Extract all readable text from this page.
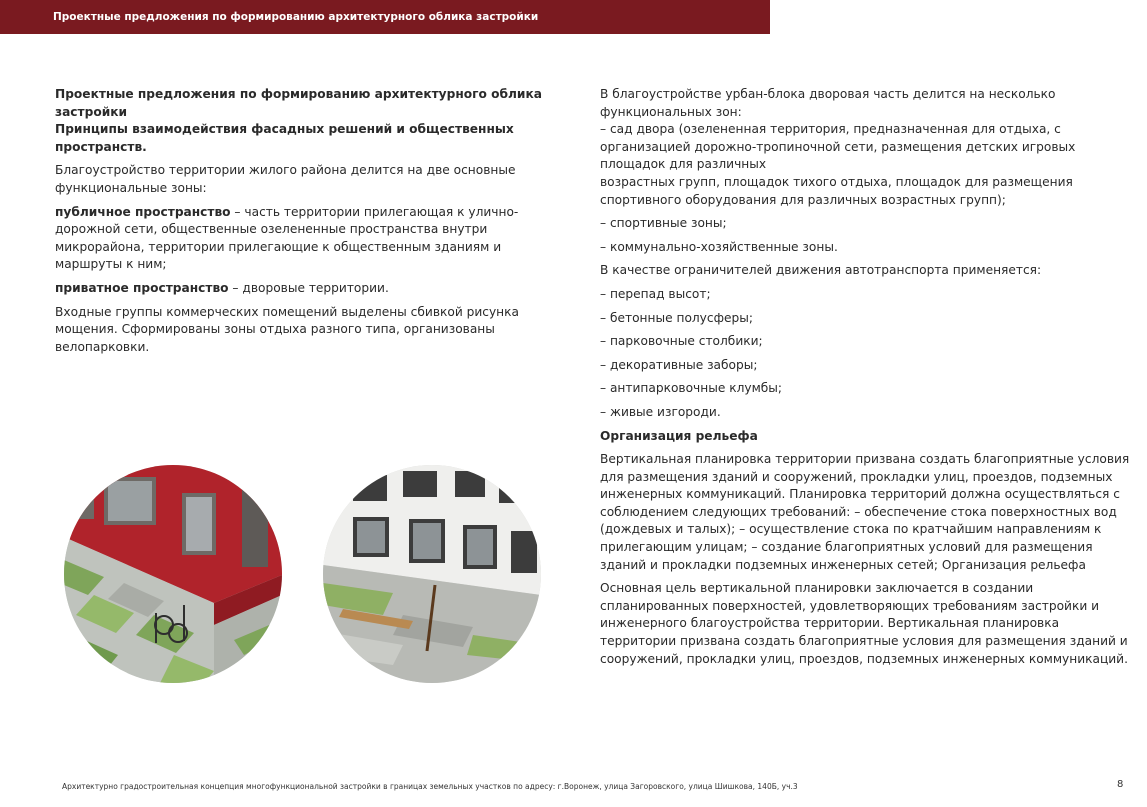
Проектные предложения по формированию архитектурного облика застройки

Проектные предложения по формированию архитектурного облика застройки

Принципы взаимодействия фасадных решений и общественных пространств.

Благоустройство территории жилого района делится на две основные функциональные зоны:

публичное пространство – часть территории прилегающая к улично-дорожной сети, общественные озелененные пространства внутри микрорайона, территории прилегающие к общественным зданиям и маршруты к ним;

приватное пространство – дворовые территории.

Входные группы коммерческих помещений выделены сбивкой рисунка мощения. Сформированы зоны отдыха разного типа, организованы велопарковки.

В благоустройстве урбан-блока дворовая часть делится на несколько функциональных зон:

– сад двора (озелененная территория, предназначенная для отдыха, с организацией дорожно-тропиночной сети, размещения детских игровых площадок для различных

возрастных групп, площадок тихого отдыха, площадок для размещения спортивного оборудования для различных возрастных групп);

– спортивные зоны;
– коммунально-хозяйственные зоны.

В качестве ограничителей движения автотранспорта применяется:

– перепад высот;
– бетонные полусферы;
– парковочные столбики;
– декоративные заборы;
– антипарковочные клумбы;
– живые изгороди.

Организация рельефа

Вертикальная планировка территории призвана создать благоприятные условия для размещения зданий и сооружений, прокладки улиц, проездов, подземных инженерных коммуникаций. Планировка территорий должна осуществляться с соблюдением следующих требований: – обеспечение стока поверхностных вод (дождевых и талых); – осуществление стока по кратчайшим направлениям к прилегающим улицам; – создание благоприятных условий для размещения зданий и прокладки подземных инженерных сетей; Организация рельефа

Основная цель вертикальной планировки заключается в создании спланированных поверхностей, удовлетворяющих требованиям застройки и инженерного благоустройства территории. Вертикальная планировка территории призвана создать благоприятные условия для размещения зданий и сооружений, прокладки улиц, проездов, подземных инженерных коммуникаций.

Архитектурно градостроительная концепция многофункциональной застройки в границах земельных участков по адресу: г.Воронеж, улица Загоровского, улица Шишкова, 140Б, уч.3	8
